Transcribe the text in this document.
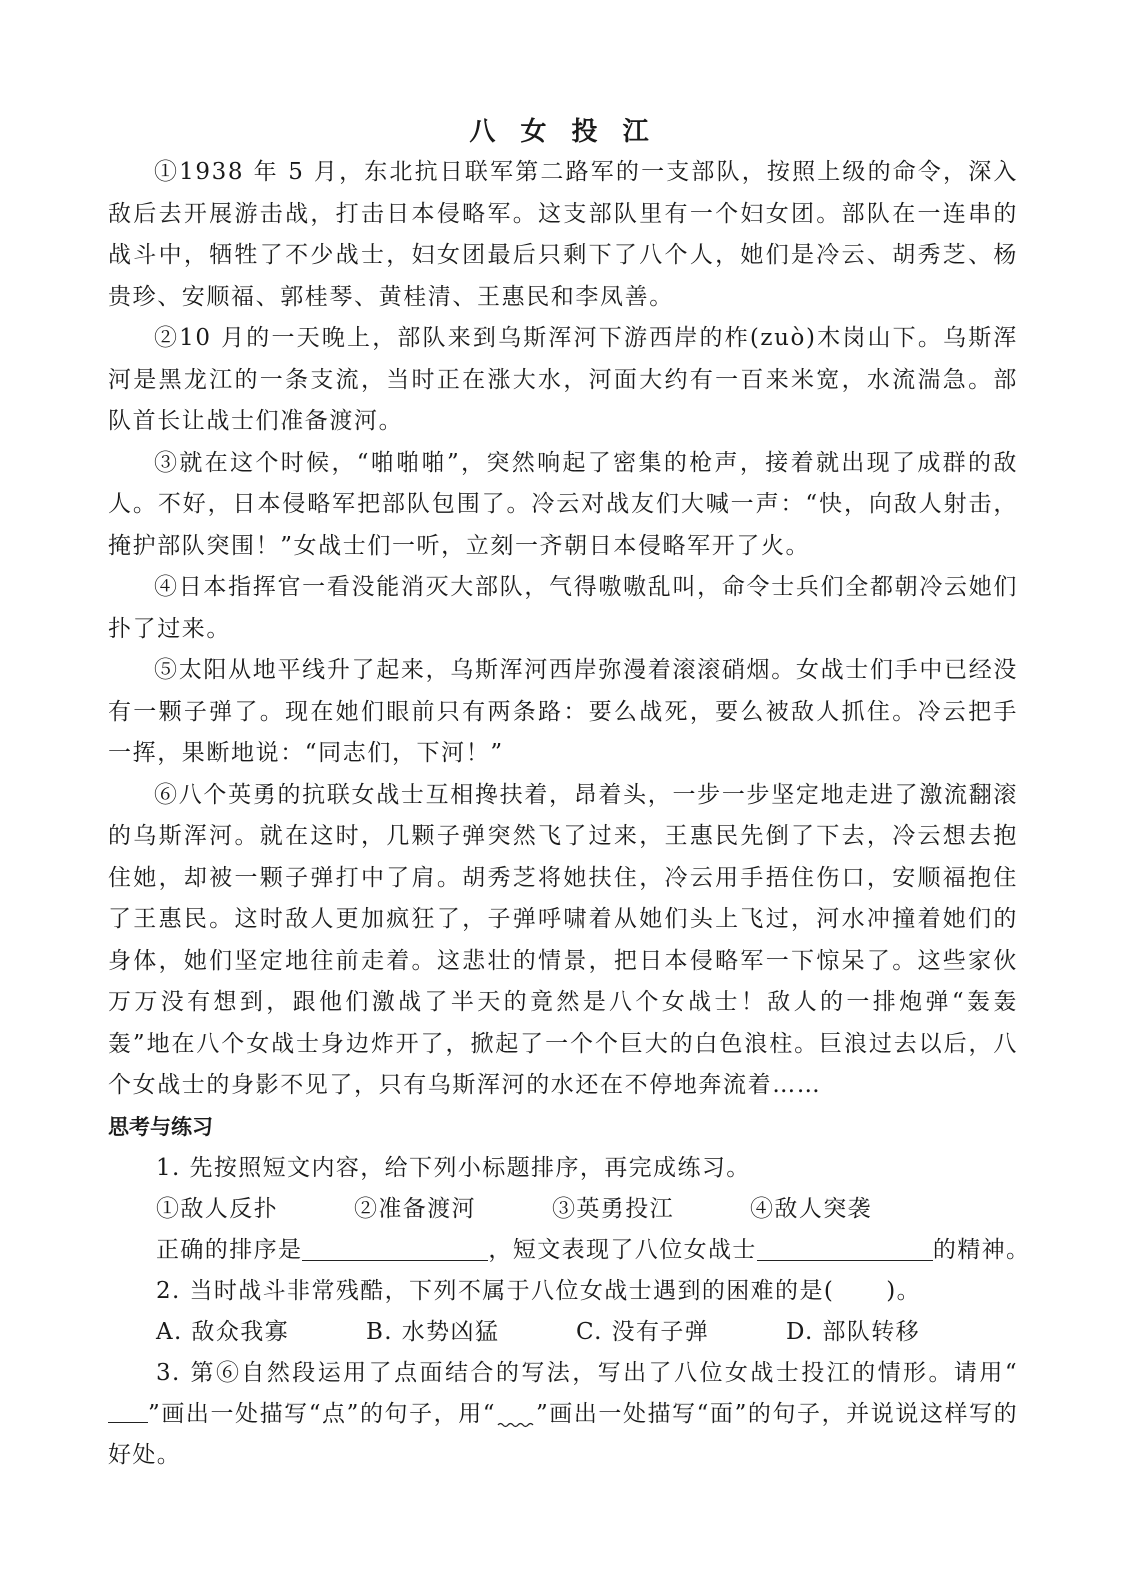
八 女 投 江

①1938 年 5 月，东北抗日联军第二路军的一支部队，按照上级的命令，深入敌后去开展游击战，打击日本侵略军。这支部队里有一个妇女团。部队在一连串的战斗中，牺牲了不少战士，妇女团最后只剩下了八个人，她们是冷云、胡秀芝、杨贵珍、安顺福、郭桂琴、黄桂清、王惠民和李凤善。

②10 月的一天晚上，部队来到乌斯浑河下游西岸的柞(zuò)木岗山下。乌斯浑河是黑龙江的一条支流，当时正在涨大水，河面大约有一百来米宽，水流湍急。部队首长让战士们准备渡河。

③就在这个时候，“啪啪啪”，突然响起了密集的枪声，接着就出现了成群的敌人。不好，日本侵略军把部队包围了。冷云对战友们大喊一声：“快，向敌人射击，掩护部队突围！”女战士们一听，立刻一齐朝日本侵略军开了火。

④日本指挥官一看没能消灭大部队，气得嗷嗷乱叫，命令士兵们全都朝冷云她们扑了过来。

⑤太阳从地平线升了起来，乌斯浑河西岸弥漫着滚滚硝烟。女战士们手中已经没有一颗子弹了。现在她们眼前只有两条路：要么战死，要么被敌人抓住。冷云把手一挥，果断地说：“同志们，下河！”

⑥八个英勇的抗联女战士互相搀扶着，昂着头，一步一步坚定地走进了激流翻滚的乌斯浑河。就在这时，几颗子弹突然飞了过来，王惠民先倒了下去，冷云想去抱住她，却被一颗子弹打中了肩。胡秀芝将她扶住，冷云用手捂住伤口，安顺福抱住了王惠民。这时敌人更加疯狂了，子弹呼啸着从她们头上飞过，河水冲撞着她们的身体，她们坚定地往前走着。这悲壮的情景，把日本侵略军一下惊呆了。这些家伙万万没有想到，跟他们激战了半天的竟然是八个女战士！敌人的一排炮弹“轰轰轰”地在八个女战士身边炸开了，掀起了一个个巨大的白色浪柱。巨浪过去以后，八个女战士的身影不见了，只有乌斯浑河的水还在不停地奔流着……

思考与练习
1. 先按照短文内容，给下列小标题排序，再完成练习。
①敌人反扑	②准备渡河	③英勇投江	④敌人突袭
正确的排序是	，短文表现了八位女战士	的精神。
2. 当时战斗非常残酷，下列不属于八位女战士遇到的困难的是( )。
A. 敌众我寡	B. 水势凶猛	C. 没有子弹	D. 部队转移
3. 第⑥自然段运用了点面结合的写法，写出了八位女战士投江的情形。请用“”画出一处描写“点”的句子，用“ ”画出一处描写“面”的句子，并说说这样写的好处。
